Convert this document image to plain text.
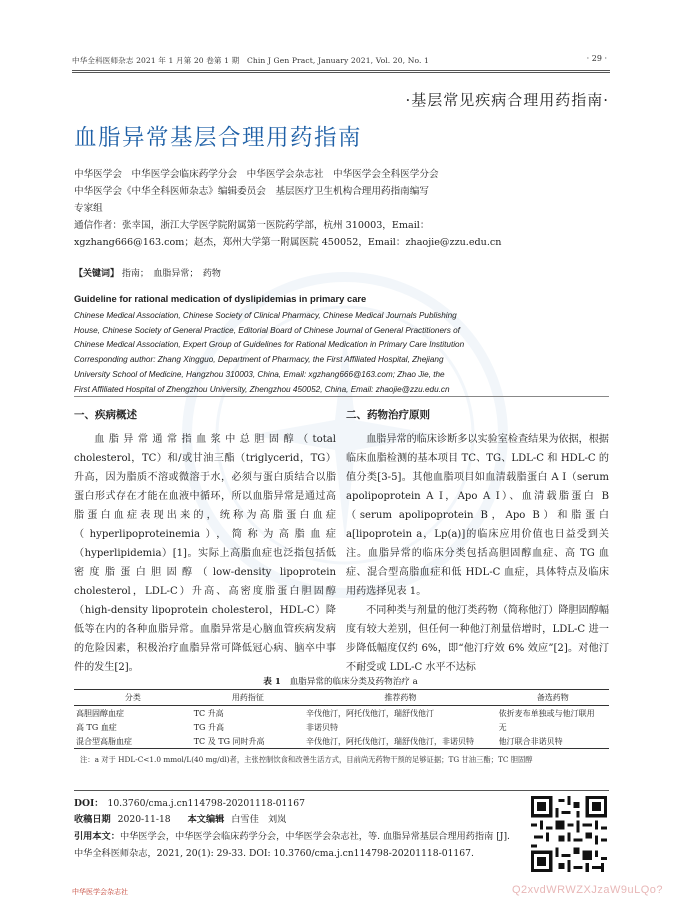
中华全科医师杂志 2021 年 1 月第 20 卷第 1 期　Chin J Gen Pract, January 2021, Vol. 20, No. 1	· 29 ·
·基层常见疾病合理用药指南·
血脂异常基层合理用药指南
中华医学会　中华医学会临床药学分会　中华医学会杂志社　中华医学会全科医学分会
中华医学会《中华全科医师杂志》编辑委员会　基层医疗卫生机构合理用药指南编写
专家组
通信作者：张幸国，浙江大学医学院附属第一医院药学部，杭州 310003，Email：
xgzhang666@163.com；赵杰，郑州大学第一附属医院 450052，Email：zhaojie@zzu.edu.cn
【关键词】 指南；　血脂异常；　药物
Guideline for rational medication of dyslipidemias in primary care
Chinese Medical Association, Chinese Society of Clinical Pharmacy, Chinese Medical Journals Publishing
House, Chinese Society of General Practice, Editorial Board of Chinese Journal of General Practitioners of
Chinese Medical Association, Expert Group of Guidelines for Rational Medication in Primary Care Institution
Corresponding author: Zhang Xingguo, Department of Pharmacy, the First Affiliated Hospital, Zhejiang
University School of Medicine, Hangzhou 310003, China, Email: xgzhang666@163.com; Zhao Jie, the
First Affiliated Hospital of Zhengzhou University, Zhengzhou 450052, China, Email: zhaojie@zzu.edu.cn
一、疾病概述

血脂异常通常指血浆中总胆固醇（total cholesterol，TC）和/或甘油三酯（triglycerid，TG）升高，因为脂质不溶或微溶于水，必须与蛋白质结合以脂蛋白形式存在才能在血液中循环，所以血脂异常是通过高脂蛋白血症表现出来的，统称为高脂蛋白血症（hyperlipoproteinemia），简称为高脂血症（hyperlipidemia）[1]。实际上高脂血症也泛指包括低密度脂蛋白胆固醇（low-density lipoprotein cholesterol，LDL-C）升高、高密度脂蛋白胆固醇（high-density lipoprotein cholesterol，HDL-C）降低等在内的各种血脂异常。血脂异常是心脑血管疾病发病的危险因素，积极治疗血脂异常可降低冠心病、脑卒中事件的发生[2]。

二、药物治疗原则

血脂异常的临床诊断多以实验室检查结果为依据，根据临床血脂检测的基本项目 TC、TG、LDL-C 和 HDL-C 的值分类[3-5]。其他血脂项目如血清载脂蛋白 A Ⅰ（serum apolipoprotein A Ⅰ，Apo A Ⅰ）、血清载脂蛋白 B（serum apolipoprotein B，Apo B）和脂蛋白 a[lipoprotein a，Lp(a)]的临床应用价值也日益受到关注。血脂异常的临床分类包括高胆固醇血症、高 TG 血症、混合型高脂血症和低 HDL-C 血症，具体特点及临床用药选择见表 1。

不同种类与剂量的他汀类药物（简称他汀）降胆固醇幅度有较大差别，但任何一种他汀剂量倍增时，LDL-C 进一步降低幅度仅约 6%，即“他汀疗效 6% 效应”[2]。对他汀不耐受或 LDL-C 水平不达标

表 1 血脂异常的临床分类及药物治疗 a
分类	用药指征	推荐药物	备选药物
高胆固醇血症	TC 升高	辛伐他汀，阿托伐他汀，瑞舒伐他汀	依折麦布单独或与他汀联用
高 TG 血症	TG 升高	非诺贝特	无
混合型高脂血症	TC 及 TG 同时升高	辛伐他汀，阿托伐他汀，瑞舒伐他汀，非诺贝特	他汀联合非诺贝特
注：a 对于 HDL-C<1.0 mmol/L(40 mg/dl)者，主张控制饮食和改善生活方式，目前尚无药物干预的足够证据；TG 甘油三酯；TC 胆固醇
DOI： 10.3760/cma.j.cn114798-20201118-01167
收稿日期 2020-11-18 本文编辑 白雪佳　刘岚
引用本文：中华医学会，中华医学会临床药学分会，中华医学会杂志社，等. 血脂异常基层合理用药指南 [J]. 中华全科医师杂志，2021, 20(1): 29-33. DOI: 10.3760/cma.j.cn114798-20201118-01167.
中华医学会杂志社	Q2xvdWRWZXJzaW9uLQo?
